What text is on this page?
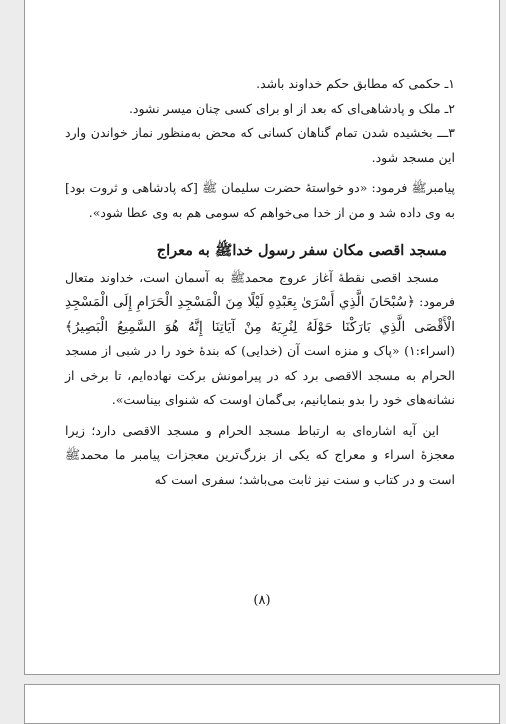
۱ـ حکمی که مطابق حکم خداوند باشد.

۲ـ ملک و پادشاهی‌ای که بعد از او برای کسی چنان میسر نشود.

۳ـــ بخشیده شدن تمام گناهان کسانی که محض به‌منظور نماز خواندن وارد این مسجد شود.

پیامبرﷺ فرمود: «دو خواستهٔ حضرت سلیمان ﷺ [که پادشاهی و ثروت بود] به وی داده شد و من از خدا می‌خواهم که سومی هم به وی عطا شود».

مسجد اقصی مکان سفر رسول خداﷺ به معراج

مسجد اقصی نقطهٔ آغاز عروج محمدﷺ به آسمان است، خداوند متعال فرمود: ﴿سُبْحَانَ الَّذِي أَسْرَىٰ بِعَبْدِهِ لَيْلًا مِنَ الْمَسْجِدِ الْحَرَامِ إِلَى الْمَسْجِدِ الْأَقْصَى الَّذِي بَارَكْنَا حَوْلَهُ لِنُرِيَهُ مِنْ آيَاتِنَا إِنَّهُ هُوَ السَّمِيعُ الْبَصِيرُ﴾ (اسراء:۱) «پاک و منزه است آن (خدایی) که بندهٔ خود را در شبی از مسجد الحرام به مسجد الاقصی برد که در پیرامونش برکت نهاده‌ایم، تا برخی از نشانه‌های خود را بدو بنمایانیم، بی‌گمان اوست که شنوای بیناست».

این آیه اشاره‌ای به ارتباط مسجد الحرام و مسجد الاقصی دارد؛ زیرا معجزهٔ اسراء و معراج که یکی از بزرگ‌ترین معجزات پیامبر ما محمدﷺ است و در کتاب و سنت نیز ثابت می‌باشد؛ سفری است که

(۸)
